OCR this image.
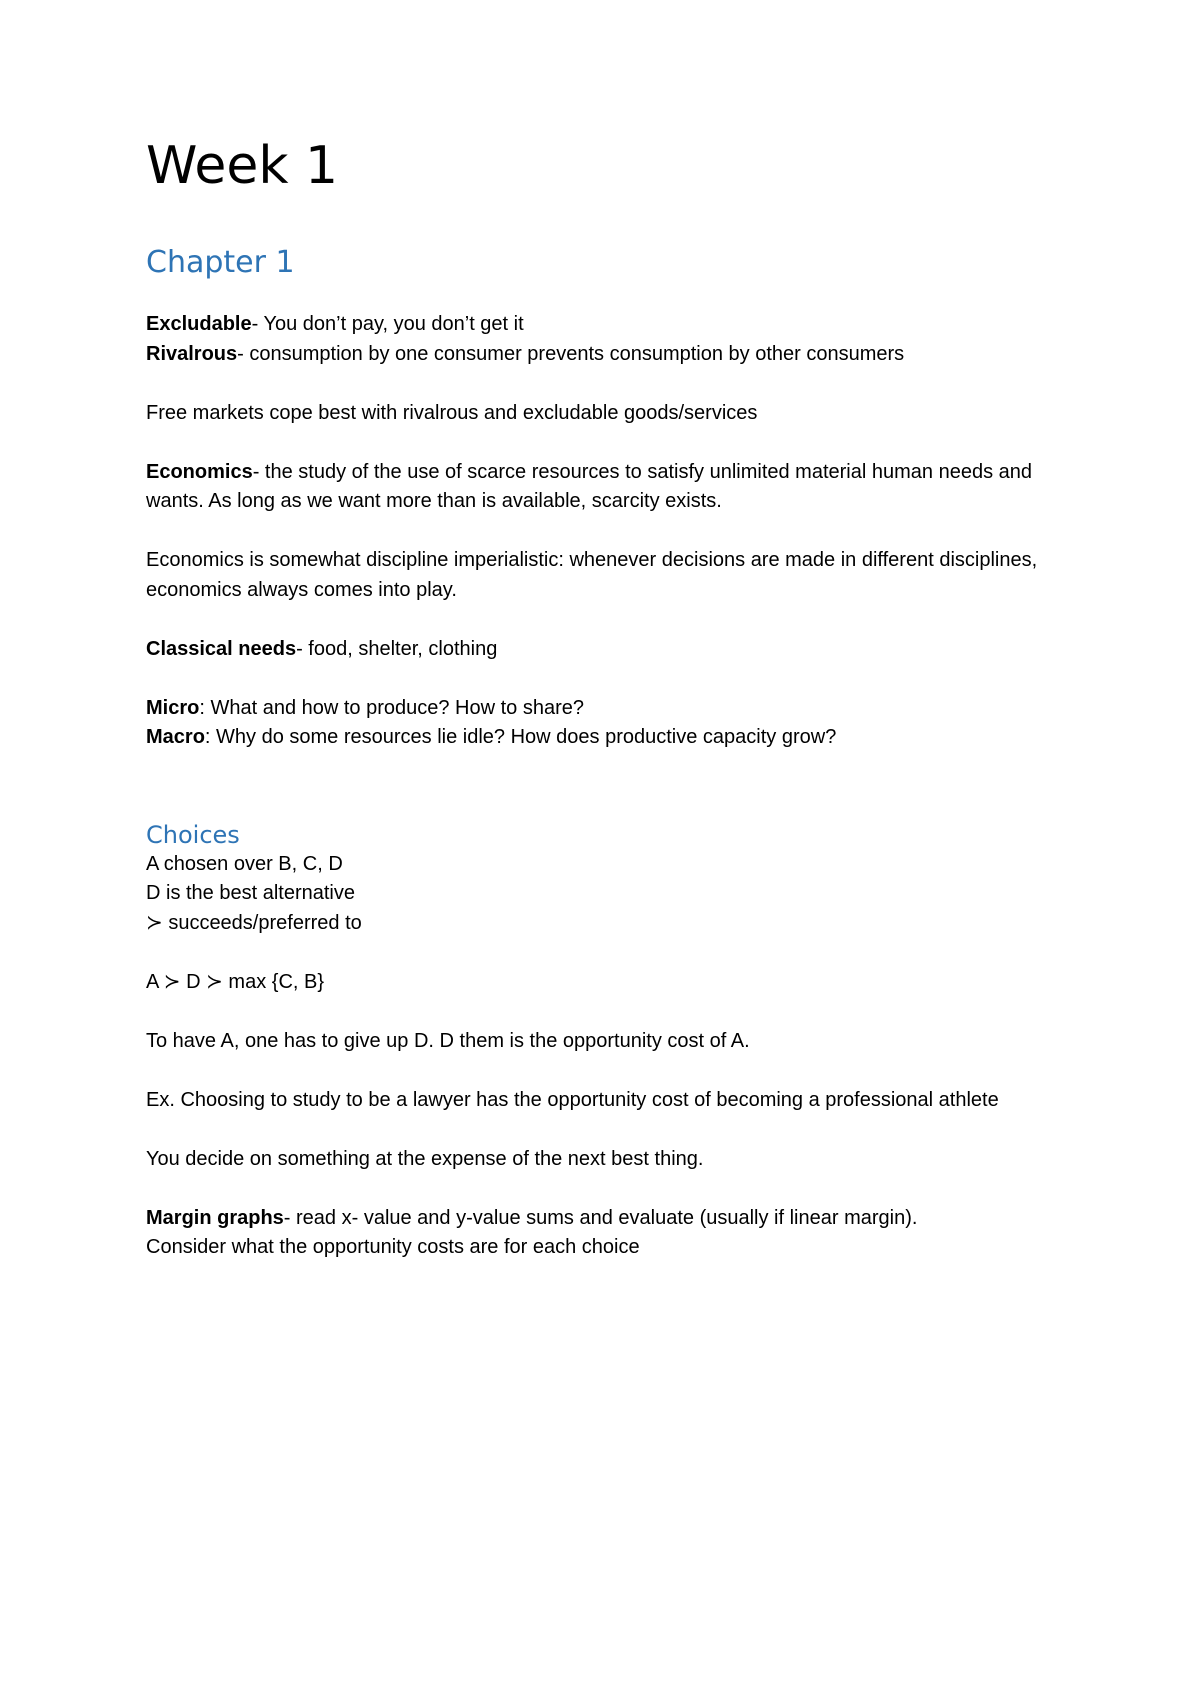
Week 1
Chapter 1

Excludable- You don’t pay, you don’t get it

Rivalrous- consumption by one consumer prevents consumption by other consumers

Free markets cope best with rivalrous and excludable goods/services

Economics- the study of the use of scarce resources to satisfy unlimited material human needs and wants. As long as we want more than is available, scarcity exists.

Economics is somewhat discipline imperialistic: whenever decisions are made in different disciplines, economics always comes into play.

Classical needs- food, shelter, clothing

Micro: What and how to produce? How to share?

Macro: Why do some resources lie idle? How does productive capacity grow?

Choices

A chosen over B, C, D

D is the best alternative

≻ succeeds/preferred to

A ≻ D ≻ max {C, B}

To have A, one has to give up D. D them is the opportunity cost of A.

Ex. Choosing to study to be a lawyer has the opportunity cost of becoming a professional athlete

You decide on something at the expense of the next best thing.

Margin graphs- read x- value and y-value sums and evaluate (usually if linear margin).

Consider what the opportunity costs are for each choice
